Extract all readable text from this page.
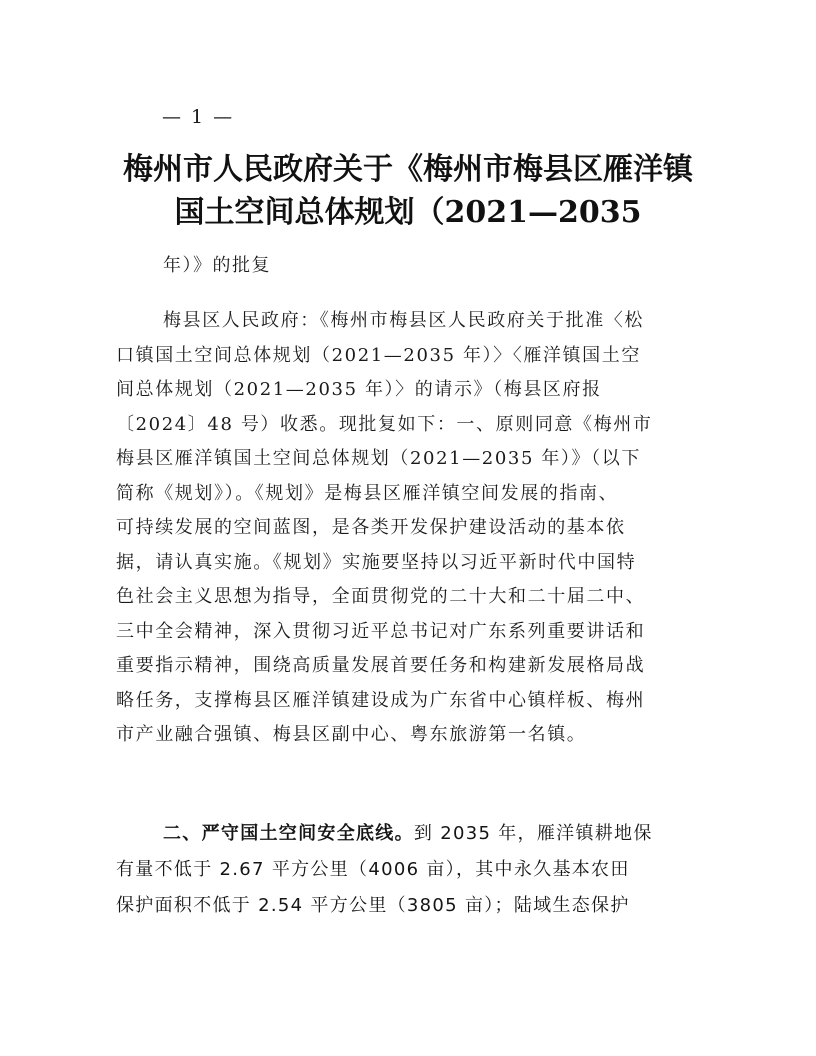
— 1 —
梅州市人民政府关于《梅州市梅县区雁洋镇
国土空间总体规划（2021—2035
年）》的批复
梅县区人民政府：《梅州市梅县区人民政府关于批准〈松
口镇国土空间总体规划（2021—2035 年）〉〈雁洋镇国土空
间总体规划（2021—2035 年）〉的请示》（梅县区府报
〔2024〕48 号）收悉。现批复如下：一、原则同意《梅州市
梅县区雁洋镇国土空间总体规划（2021—2035 年）》（以下
简称《规划》）。《规划》是梅县区雁洋镇空间发展的指南、
可持续发展的空间蓝图，是各类开发保护建设活动的基本依
据，请认真实施。《规划》实施要坚持以习近平新时代中国特
色社会主义思想为指导，全面贯彻党的二十大和二十届二中、
三中全会精神，深入贯彻习近平总书记对广东系列重要讲话和
重要指示精神，围绕高质量发展首要任务和构建新发展格局战
略任务，支撑梅县区雁洋镇建设成为广东省中心镇样板、梅州
市产业融合强镇、梅县区副中心、粤东旅游第一名镇。
二、严守国土空间安全底线。到 2035 年，雁洋镇耕地保
有量不低于 2.67 平方公里（4006 亩），其中永久基本农田
保护面积不低于 2.54 平方公里（3805 亩）；陆域生态保护
